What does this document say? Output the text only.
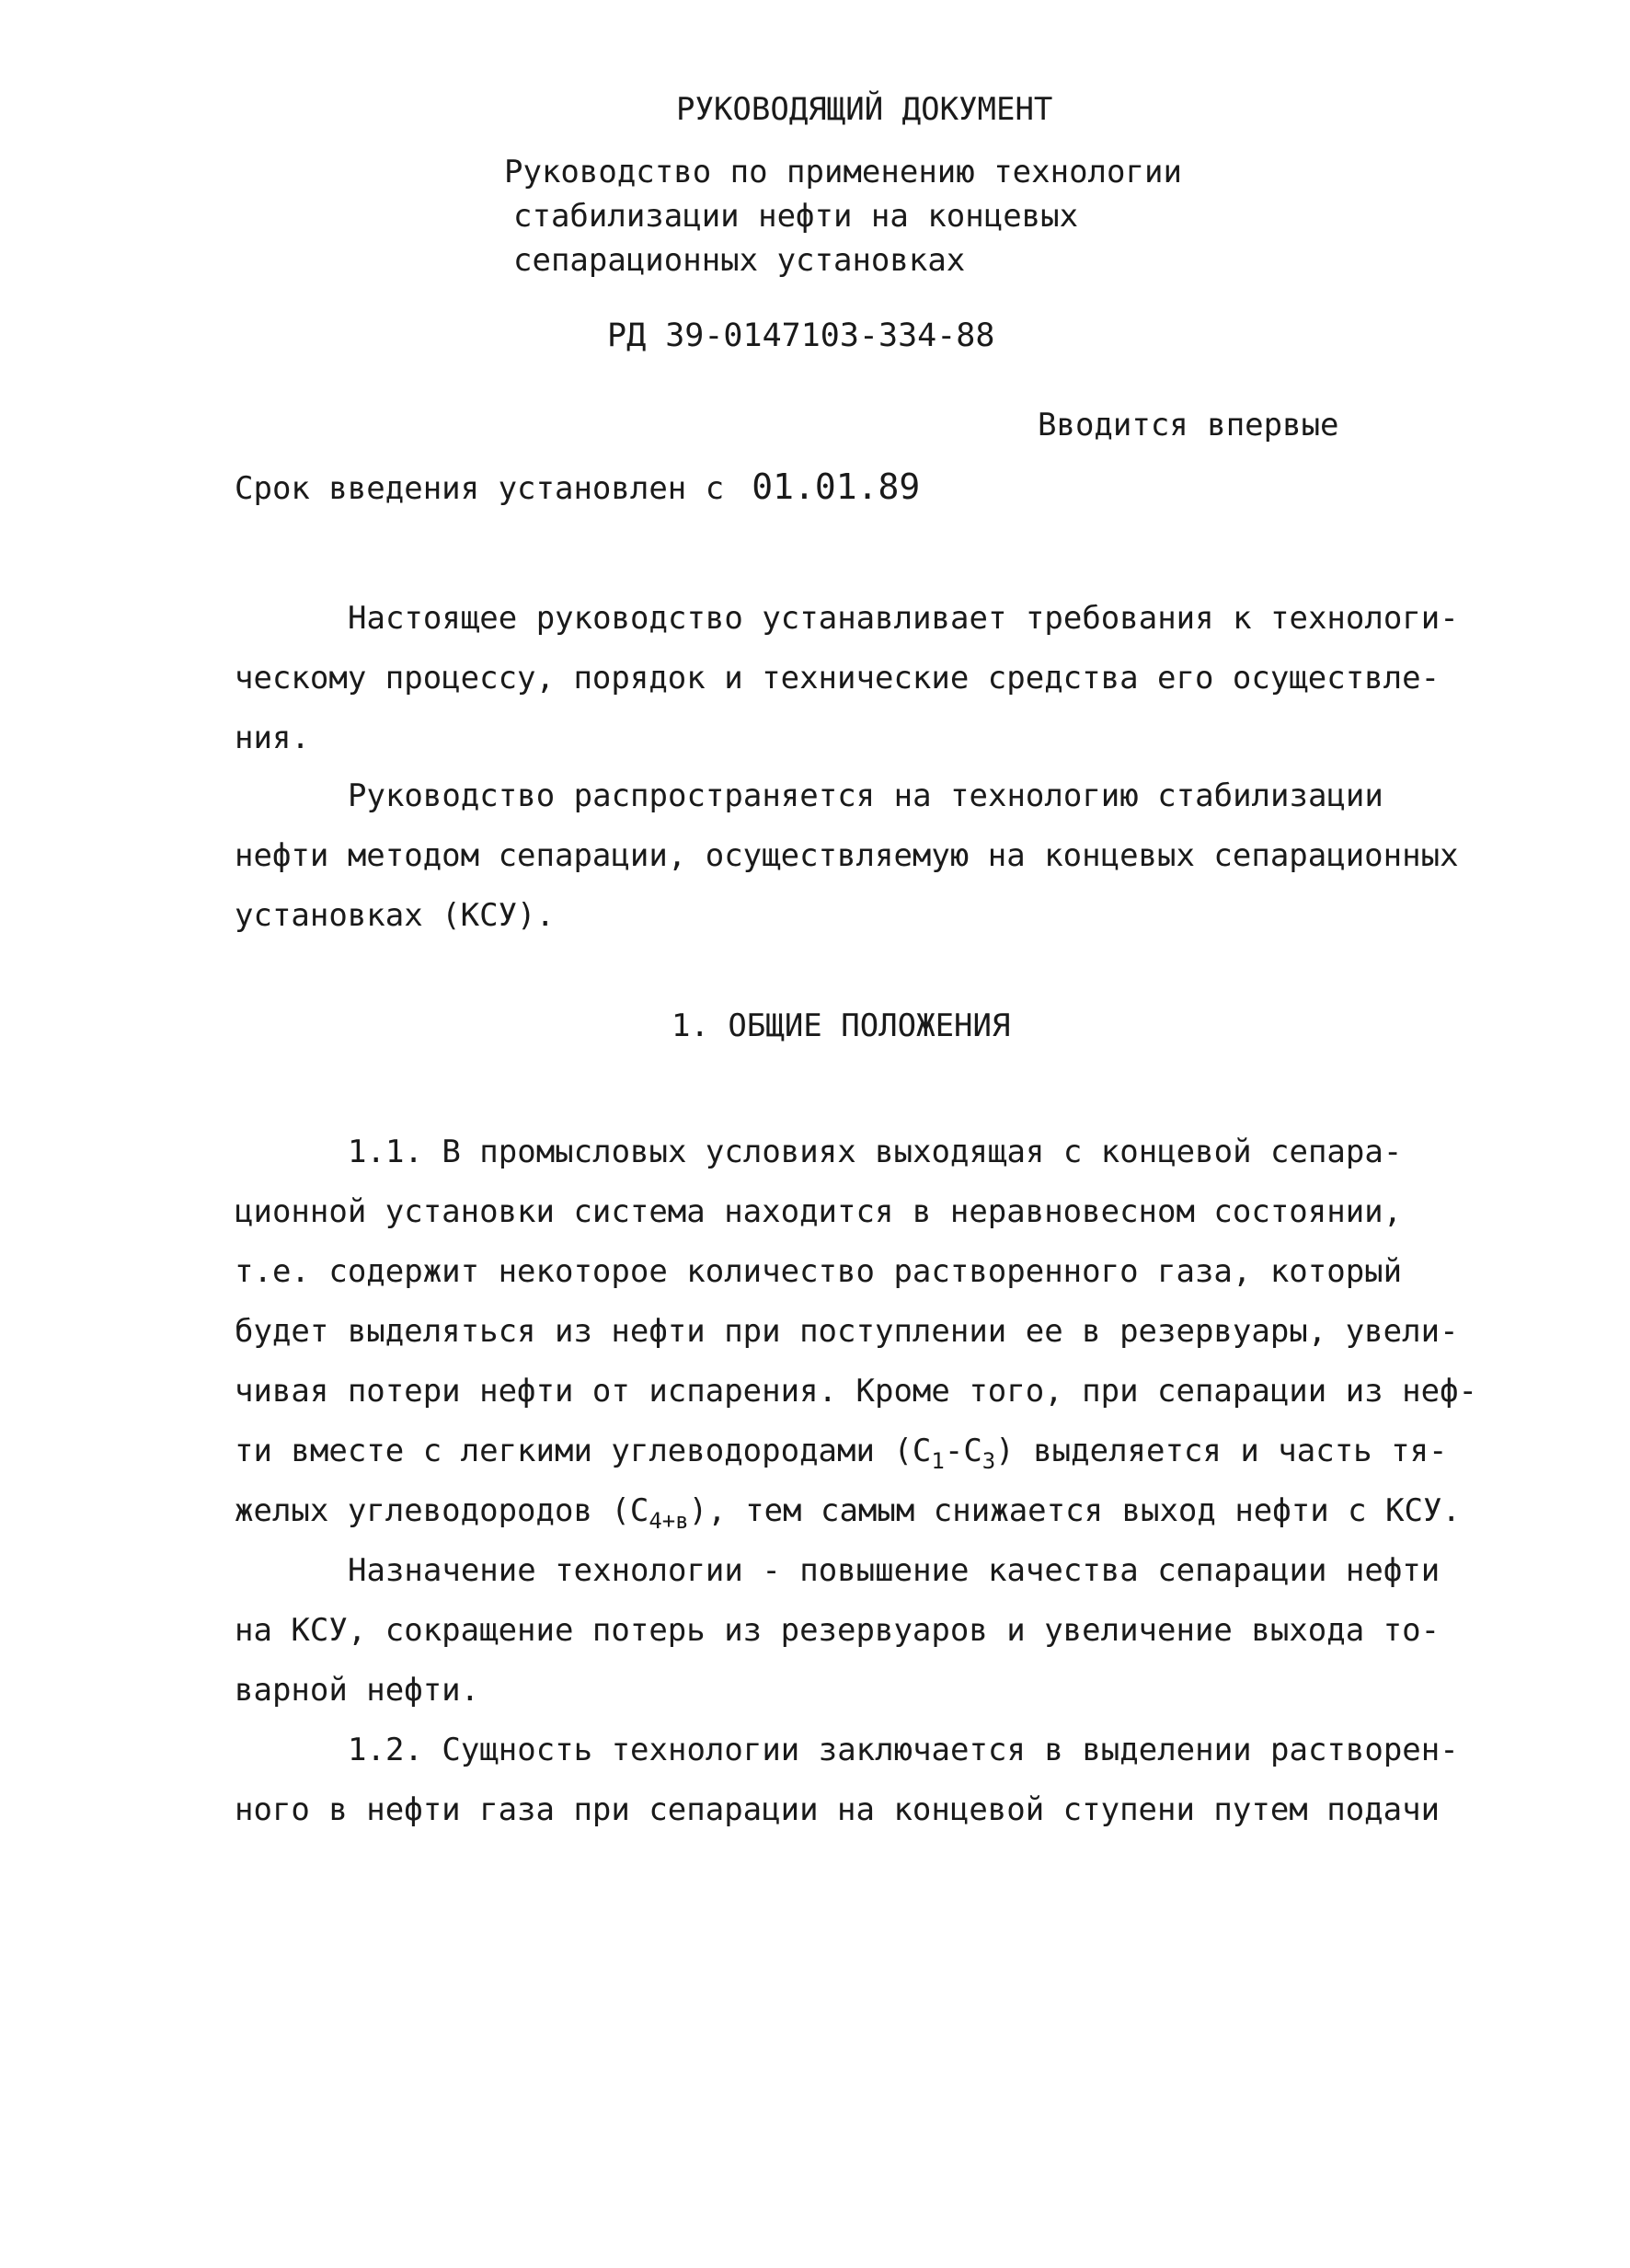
РУКОВОДЯЩИЙ ДОКУМЕНТ
Руководство по применению технологии
стабилизации нефти на концевых
сепарационных установках
РД 39-0147103-334-88
Вводится впервые
Срок введения установлен с 01.01.89
Настоящее руководство устанавливает требования к технологи-
ческому процессу, порядок и технические средства его осуществле-
ния.
Руководство распространяется на технологию стабилизации
нефти методом сепарации, осуществляемую на концевых сепарационных
установках (КСУ).
1. ОБЩИЕ ПОЛОЖЕНИЯ
1.1. В промысловых условиях выходящая с концевой сепара-
ционной установки система находится в неравновесном состоянии,
т.е. содержит некоторое количество растворенного газа, который
будет выделяться из нефти при поступлении ее в резервуары, увели-
чивая потери нефти от испарения. Кроме того, при сепарации из неф-
ти вместе с легкими углеводородами $(C_1-C_3)$ выделяется и часть тя-
желых углеводородов $(C_{4+в})$, тем самым снижается выход нефти с КСУ.
Назначение технологии - повышение качества сепарации нефти
на КСУ, сокращение потерь из резервуаров и увеличение выхода то-
варной нефти.
1.2. Сущность технологии заключается в выделении растворен-
ного в нефти газа при сепарации на концевой ступени путем подачи
